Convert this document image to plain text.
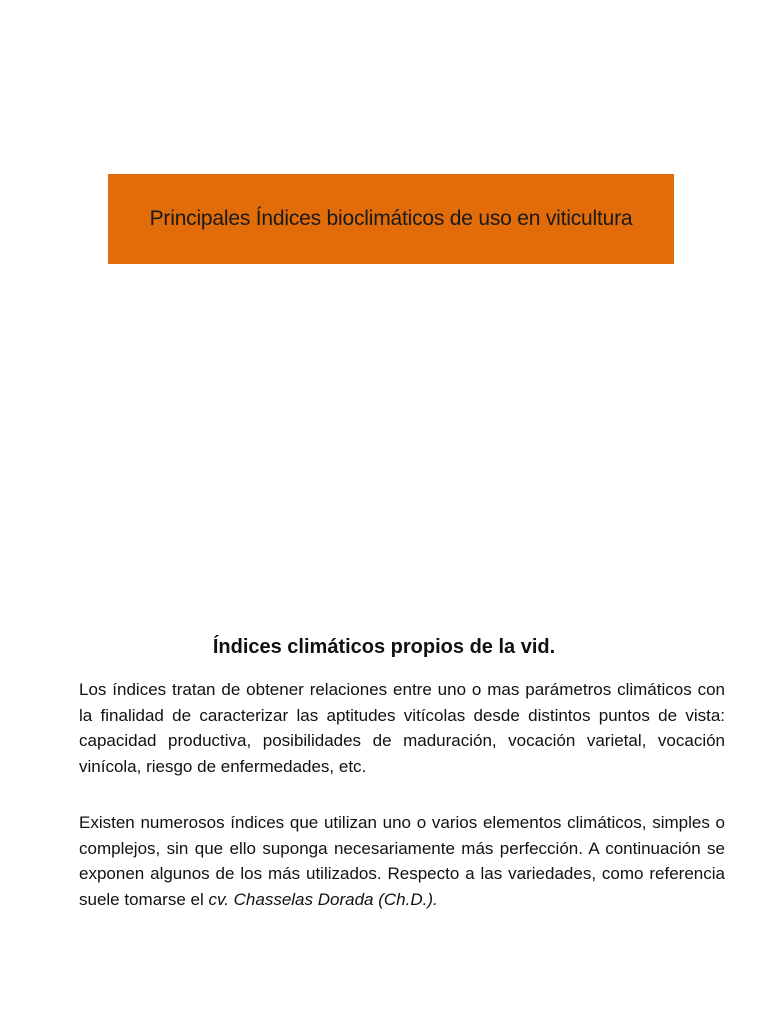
Principales Índices bioclimáticos de uso en viticultura
Índices climáticos propios de la vid.

Los índices tratan de obtener relaciones entre uno o mas parámetros climáticos con la finalidad de caracterizar las aptitudes vitícolas desde distintos puntos de vista: capacidad productiva, posibilidades de maduración, vocación varietal, vocación vinícola, riesgo de enfermedades, etc.

Existen numerosos índices que utilizan uno o varios elementos climáticos, simples o complejos, sin que ello suponga necesariamente más perfección. A continuación se exponen algunos de los más utilizados. Respecto a las variedades, como referencia suele tomarse el cv. Chasselas Dorada (Ch.D.).
